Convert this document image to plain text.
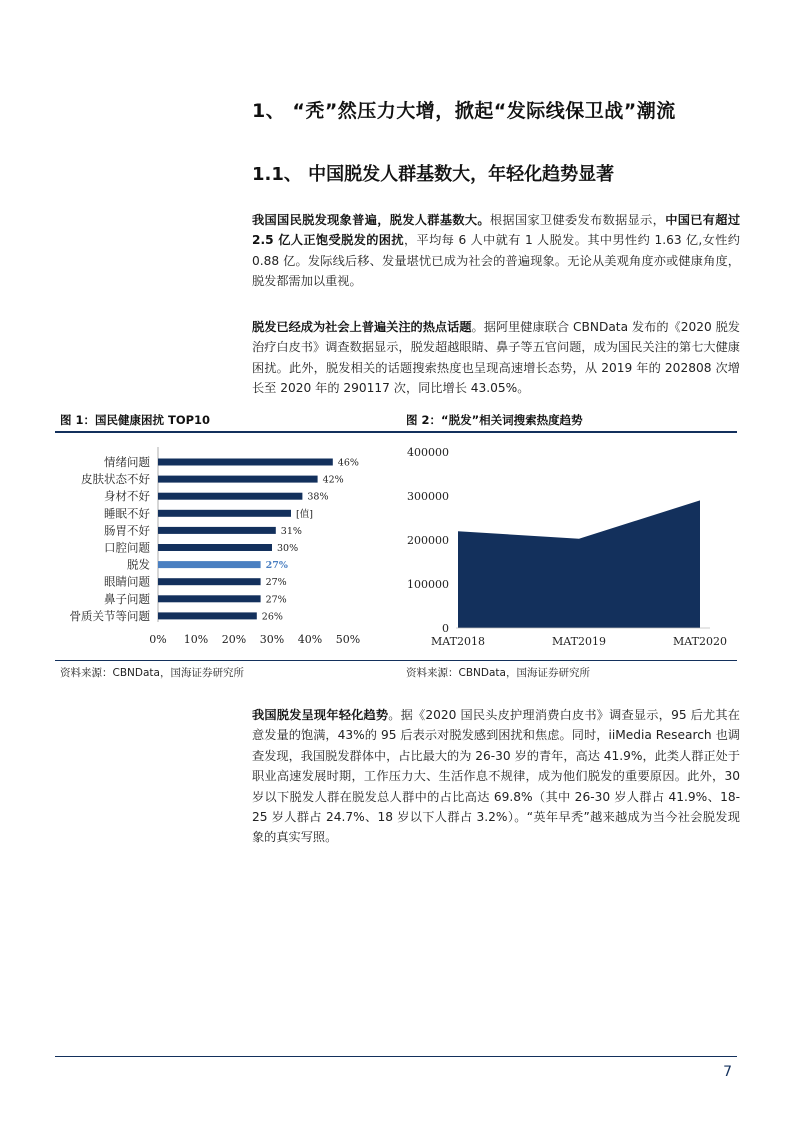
1、 “秃”然压力大增，掀起“发际线保卫战”潮流
1.1、 中国脱发人群基数大，年轻化趋势显著
我国国民脱发现象普遍，脱发人群基数大。根据国家卫健委发布数据显示，中国已有超过 2.5 亿人正饱受脱发的困扰，平均每 6 人中就有 1 人脱发。其中男性约 1.63 亿,女性约 0.88 亿。发际线后移、发量堪忧已成为社会的普遍现象。无论从美观角度亦或健康角度，脱发都需加以重视。
脱发已经成为社会上普遍关注的热点话题。据阿里健康联合 CBNData 发布的《2020 脱发治疗白皮书》调查数据显示，脱发超越眼睛、鼻子等五官问题，成为国民关注的第七大健康困扰。此外，脱发相关的话题搜索热度也呈现高速增长态势，从 2019 年的 202808 次增长至 2020 年的 290117 次，同比增长 43.05%。
图 1：国民健康困扰 TOP10	图 2：“脱发”相关词搜索热度趋势
情绪问题	46%
皮肤状态不好	42%
身材不好	38%
睡眠不好	[值]
肠胃不好	31%
口腔问题	30%
脱发	27%
眼睛问题	27%
鼻子问题	27%
骨质关节等问题	26%
0% 10% 20% 30% 40% 50%
0
100000
200000
300000
400000
MAT2018	MAT2019	MAT2020
资料来源：CBNData，国海证券研究所	资料来源：CBNData，国海证券研究所
我国脱发呈现年轻化趋势。据《2020 国民头皮护理消费白皮书》调查显示，95 后尤其在意发量的饱满，43%的 95 后表示对脱发感到困扰和焦虑。同时，iiMedia Research 也调查发现，我国脱发群体中，占比最大的为 26-30 岁的青年，高达 41.9%，此类人群正处于职业高速发展时期，工作压力大、生活作息不规律，成为他们脱发的重要原因。此外，30 岁以下脱发人群在脱发总人群中的占比高达 69.8%（其中 26-30 岁人群占 41.9%、18-25 岁人群占 24.7%、18 岁以下人群占 3.2%）。“英年早秃”越来越成为当今社会脱发现象的真实写照。
7
